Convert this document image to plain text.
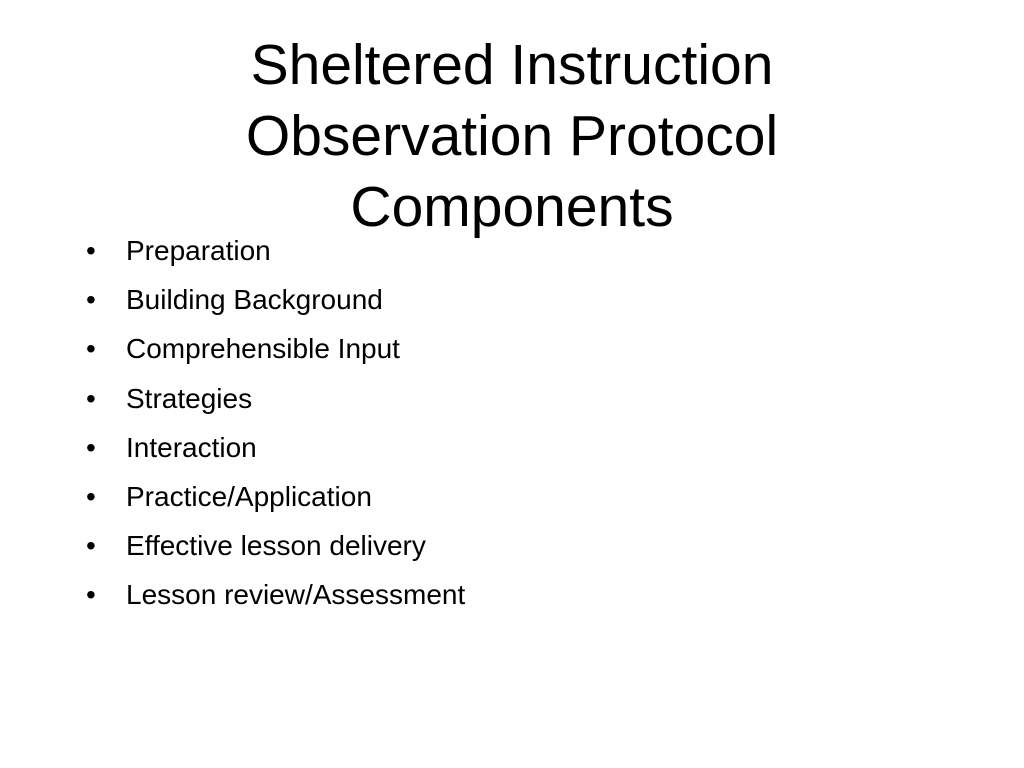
Sheltered Instruction
Observation Protocol
Components
•	Preparation
•	Building Background
•	Comprehensible Input
•	Strategies
•	Interaction
•	Practice/Application
•	Effective lesson delivery
•	Lesson review/Assessment
